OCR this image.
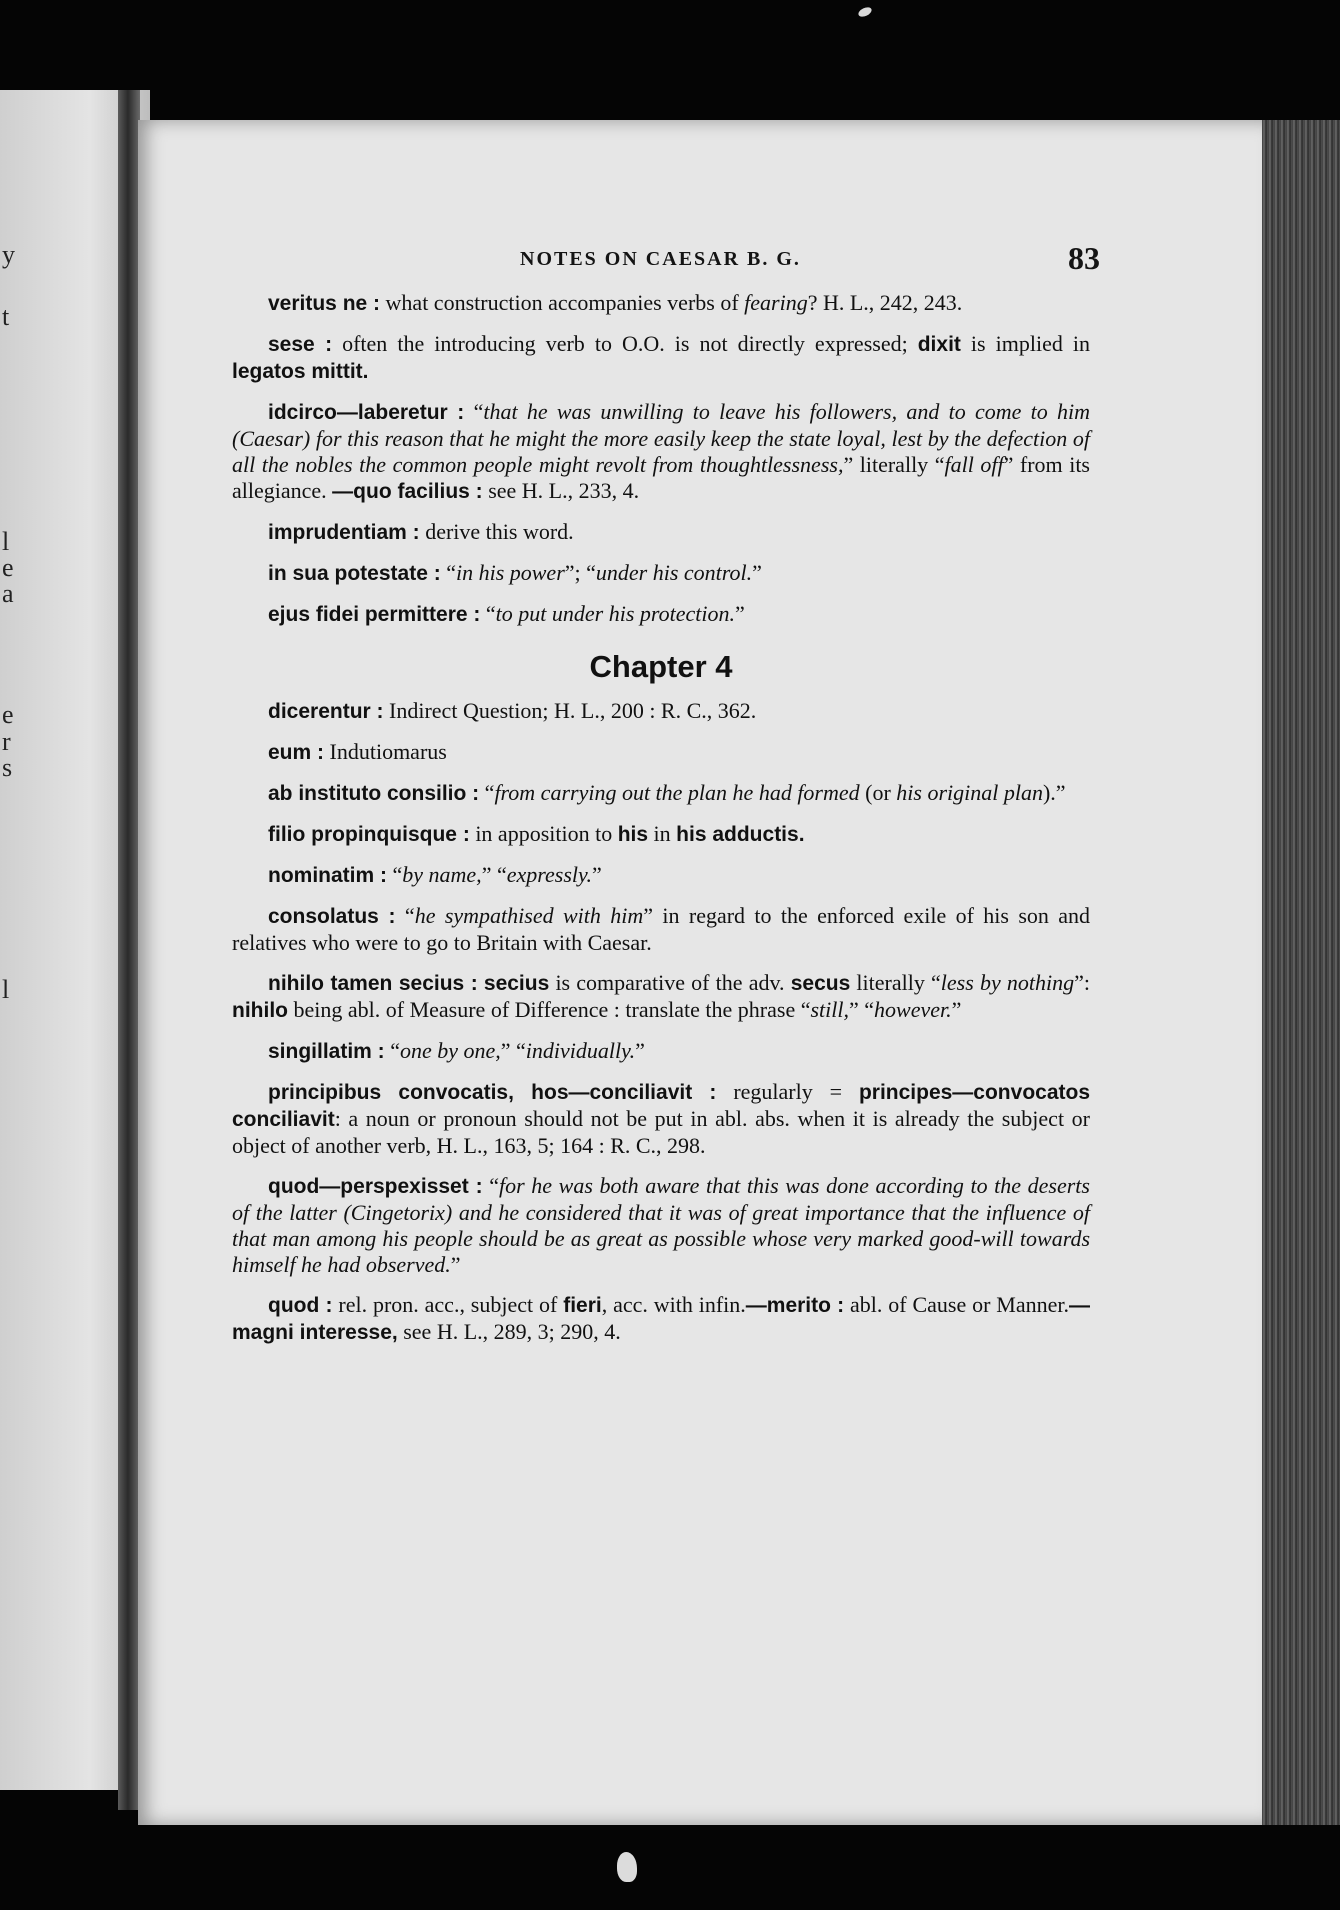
y
t
l
e
a
e
r
s
l
NOTES ON CAESAR B. G.	83

veritus ne : what construction accompanies verbs of fearing? H. L., 242, 243.

sese : often the introducing verb to O.O. is not directly expressed; dixit is implied in legatos mittit.

idcirco—laberetur : “that he was unwilling to leave his followers, and to come to him (Caesar) for this reason that he might the more easily keep the state loyal, lest by the defection of all the nobles the common people might revolt from thoughtlessness,” literally “fall off” from its allegiance. —quo facilius : see H. L., 233, 4.

imprudentiam : derive this word.

in sua potestate : “in his power”; “under his control.”

ejus fidei permittere : “to put under his protection.”

Chapter 4

dicerentur : Indirect Question; H. L., 200 : R. C., 362.

eum : Indutiomarus

ab instituto consilio : “from carrying out the plan he had formed (or his original plan).”

filio propinquisque : in apposition to his in his adductis.

nominatim : “by name,” “expressly.”

consolatus : “he sympathised with him” in regard to the enforced exile of his son and relatives who were to go to Britain with Caesar.

nihilo tamen secius : secius is comparative of the adv. secus literally “less by nothing”: nihilo being abl. of Measure of Difference : translate the phrase “still,” “however.”

singillatim : “one by one,” “individually.”

principibus convocatis, hos—conciliavit : regularly = principes—convocatos conciliavit: a noun or pronoun should not be put in abl. abs. when it is already the subject or object of another verb, H. L., 163, 5; 164 : R. C., 298.

quod—perspexisset : “for he was both aware that this was done according to the deserts of the latter (Cingetorix) and he considered that it was of great importance that the influence of that man among his people should be as great as possible whose very marked good-will towards himself he had observed.”

quod : rel. pron. acc., subject of fieri, acc. with infin.—merito : abl. of Cause or Manner.—magni interesse, see H. L., 289, 3; 290, 4.
